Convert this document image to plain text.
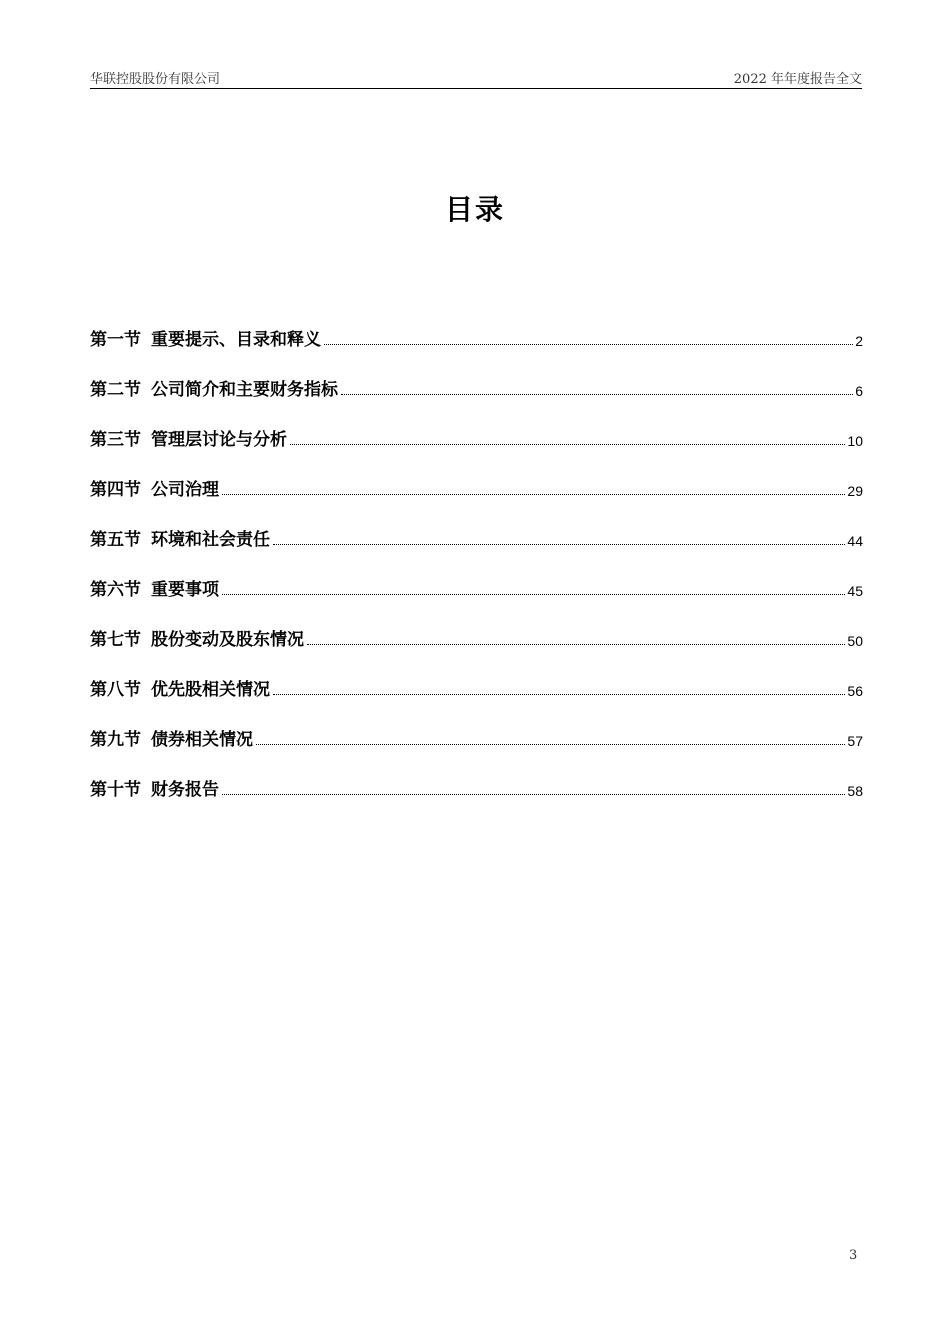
华联控股股份有限公司	2022 年年度报告全文
目录
第一节 重要提示、目录和释义	2
第二节 公司简介和主要财务指标	6
第三节 管理层讨论与分析	10
第四节 公司治理	29
第五节 环境和社会责任	44
第六节 重要事项	45
第七节 股份变动及股东情况	50
第八节 优先股相关情况	56
第九节 债券相关情况	57
第十节 财务报告	58
3
